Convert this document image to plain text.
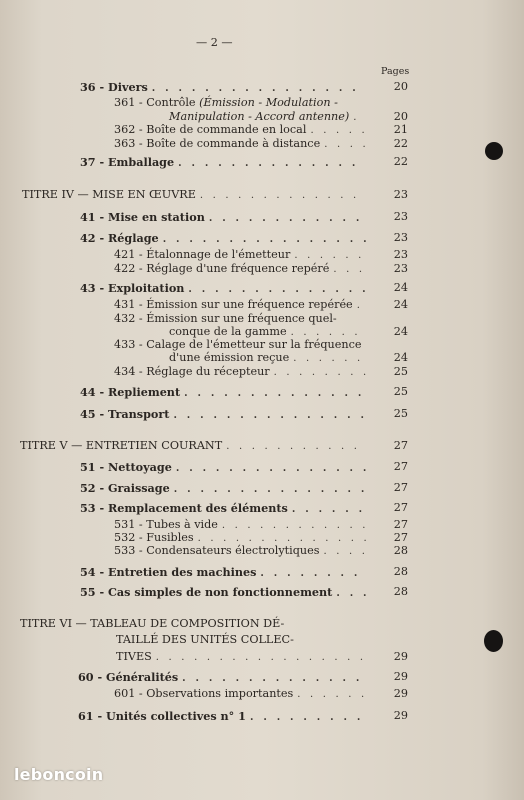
— 2 —
Pages
36 - Divers . . .	20
361 - Contrôle (Émission - Modulation -
Manipulation - Accord antenne) . . .	20
362 - Boîte de commande en local . . .	21
363 - Boîte de commande à distance . . .	22
37 - Emballage . . .	22
TITRE IV — MISE EN ŒUVRE . . .	23
41 - Mise en station . . .	23
42 - Réglage . . .	23
421 - Étalonnage de l'émetteur . . .	23
422 - Réglage d'une fréquence repéré . . .	23
43 - Exploitation . . .	24
431 - Émission sur une fréquence repérée . . .	24
432 - Émission sur une fréquence quel-
conque de la gamme . . .	24
433 - Calage de l'émetteur sur la fréquence
d'une émission reçue . . .	24
434 - Réglage du récepteur . . .	25
44 - Repliement . . .	25
45 - Transport . . .	25
TITRE V — ENTRETIEN COURANT . . .	27
51 - Nettoyage . . .	27
52 - Graissage . . .	27
53 - Remplacement des éléments . . .	27
531 - Tubes à vide . . .	27
532 - Fusibles . . .	27
533 - Condensateurs électrolytiques . . .	28
54 - Entretien des machines . . .	28
55 - Cas simples de non fonctionnement . . .	28
TITRE VI — TABLEAU DE COMPOSITION DÉ-
TAILLÉ DES UNITÉS COLLEC-
TIVES . . .	29
60 - Généralités . . .	29
601 - Observations importantes . . .	29
61 - Unités collectives n° 1 . . .	29
leboncoin
